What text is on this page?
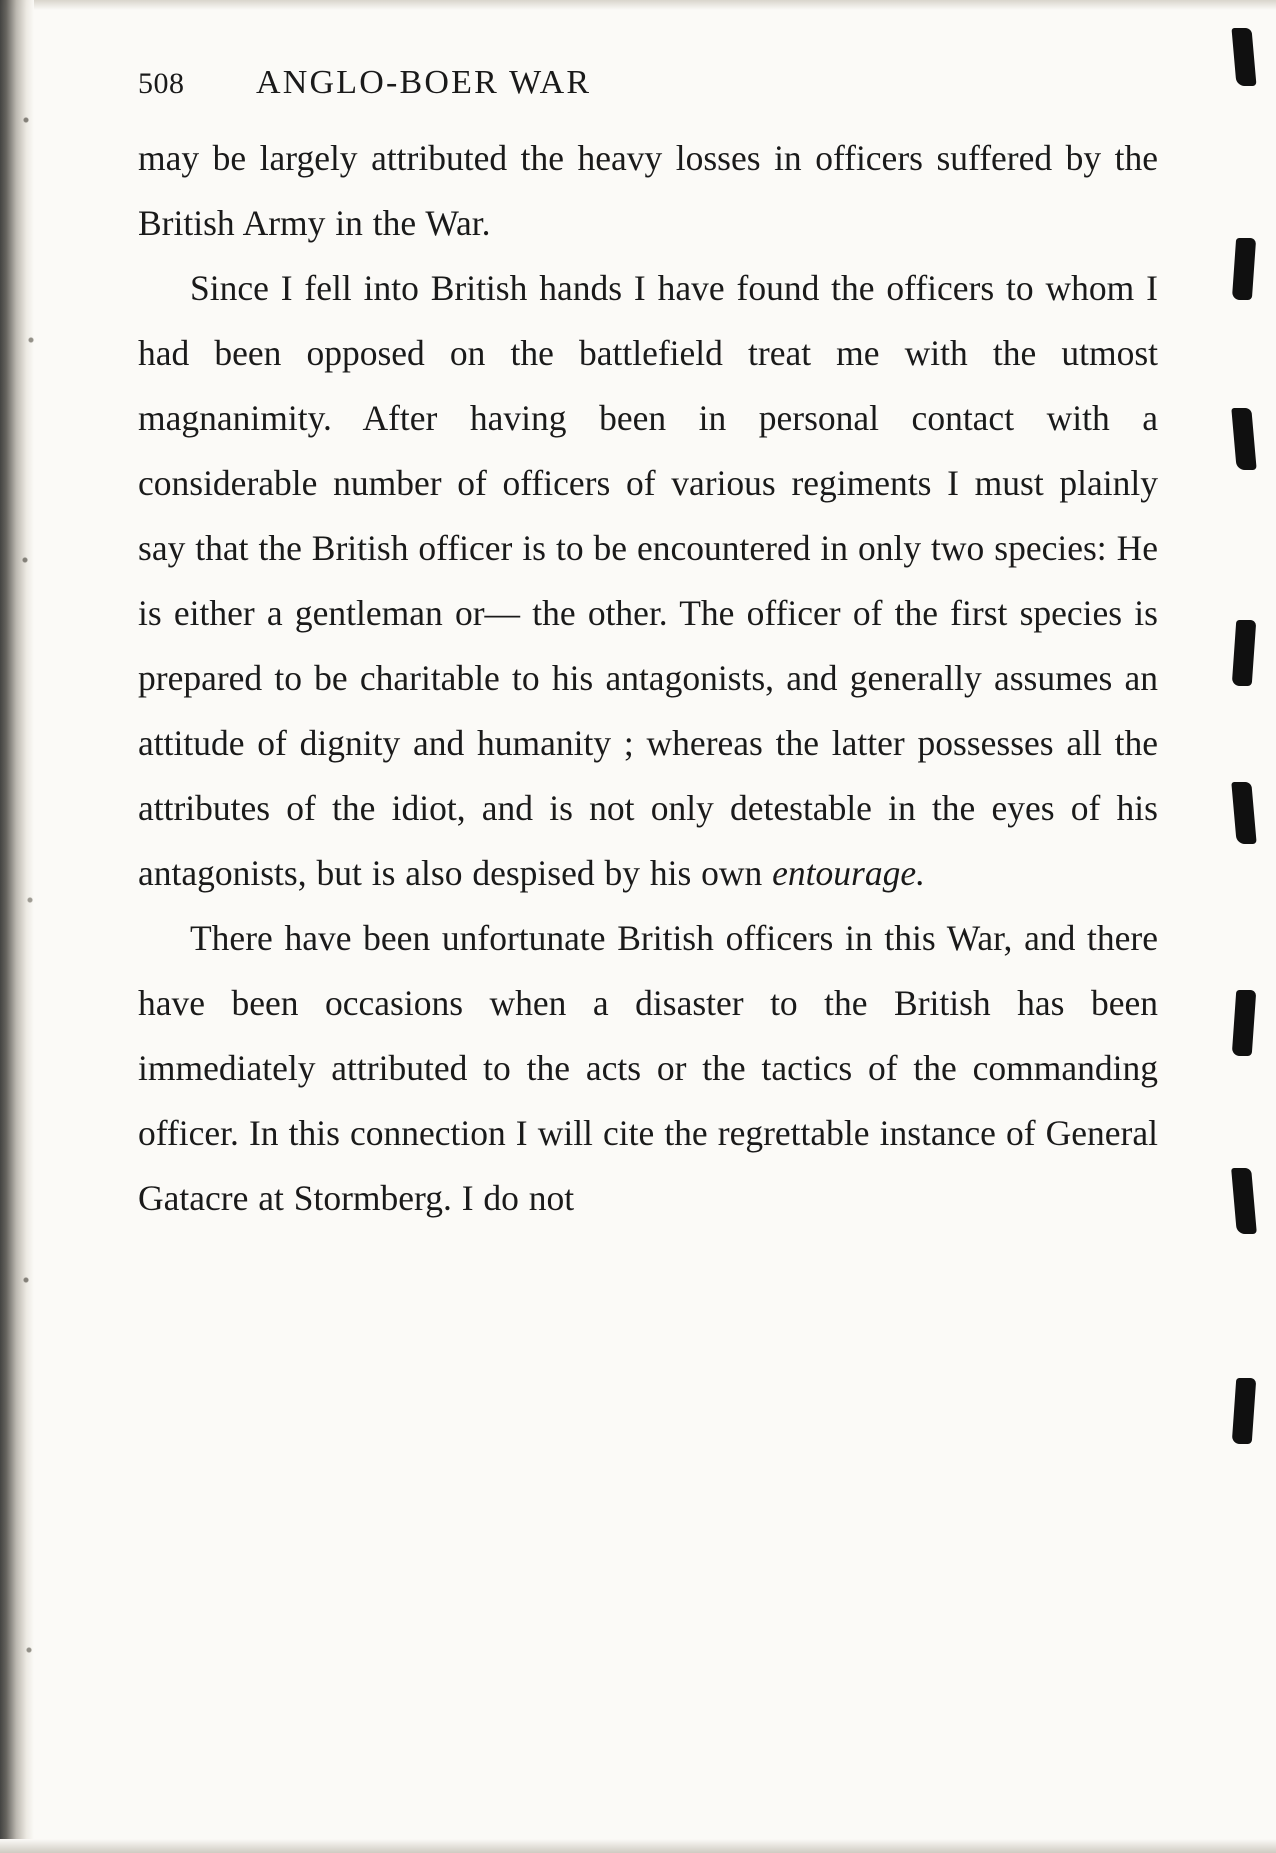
508	ANGLO-BOER WAR

may be largely attributed the heavy losses in officers suffered by the British Army in the War.

Since I fell into British hands I have found the officers to whom I had been opposed on the battlefield treat me with the utmost magnanimity. After having been in personal contact with a considerable number of officers of various regiments I must plainly say that the British officer is to be encountered in only two species: He is either a gentleman or— the other. The officer of the first species is prepared to be charitable to his antagonists, and generally assumes an attitude of dignity and humanity ; whereas the latter possesses all the attributes of the idiot, and is not only detestable in the eyes of his antagonists, but is also despised by his own entourage.

There have been unfortunate British officers in this War, and there have been occasions when a disaster to the British has been immediately attributed to the acts or the tactics of the commanding officer. In this connection I will cite the regrettable instance of General Gatacre at Stormberg. I do not
